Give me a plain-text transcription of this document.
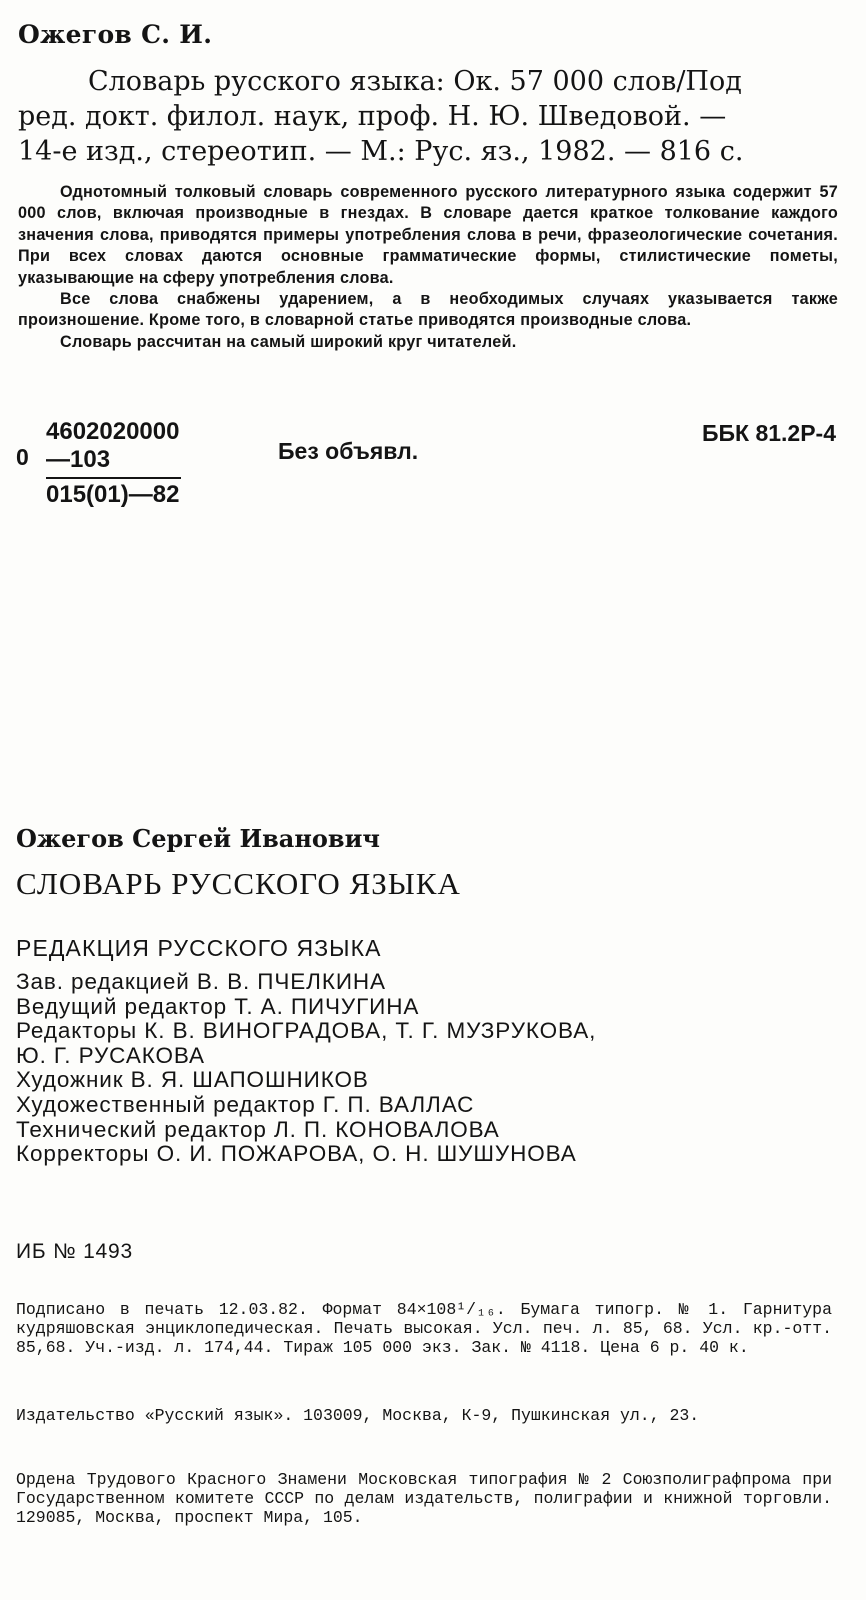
Ожегов С. И.
Словарь русского языка: Ок. 57 000 слов/Под
ред. докт. филол. наук, проф. Н. Ю. Шведовой. —
14-е изд., стереотип. — М.: Рус. яз., 1982. — 816 с.

Однотомный толковый словарь современного русского литературного языка содержит 57 000 слов, включая производные в гнездах. В словаре дается краткое толкование каждого значения слова, приводятся примеры употребления слова в речи, фразеологические сочетания. При всех словах даются основные грамматические формы, стилистические пометы, указывающие на сферу употребления слова.

Все слова снабжены ударением, а в необходимых случаях указывается также произношение. Кроме того, в словарной статье приводятся производные слова.

Словарь рассчитан на самый широкий круг читателей.

$0 \frac{4602020000—103}{015(01)—82}$	Без объявл.
ББК 81.2Р-4
Ожегов Сергей Иванович
СЛОВАРЬ РУССКОГО ЯЗЫКА
РЕДАКЦИЯ РУССКОГО ЯЗЫКА
Зав. редакцией В. В. ПЧЕЛКИНА
Ведущий редактор Т. А. ПИЧУГИНА
Редакторы К. В. ВИНОГРАДОВА, Т. Г. МУЗРУКОВА,
Ю. Г. РУСАКОВА
Художник В. Я. ШАПОШНИКОВ
Художественный редактор Г. П. ВАЛЛАС
Технический редактор Л. П. КОНОВАЛОВА
Корректоры О. И. ПОЖАРОВА, О. Н. ШУШУНОВА
ИБ № 1493
Подписано в печать 12.03.82. Формат 84×108¹/₁₆. Бумага типогр. № 1. Гарнитура кудряшовская энциклопедическая. Печать высокая. Усл. печ. л. 85, 68. Усл. кр.-отт. 85,68. Уч.-изд. л. 174,44. Тираж 105 000 экз. Зак. № 4118. Цена 6 р. 40 к.
Издательство «Русский язык». 103009, Москва, К-9, Пушкинская ул., 23.
Ордена Трудового Красного Знамени Московская типография № 2 Союзполиграфпрома при Государственном комитете СССР по делам издательств, полиграфии и книжной торговли. 129085, Москва, проспект Мира, 105.
